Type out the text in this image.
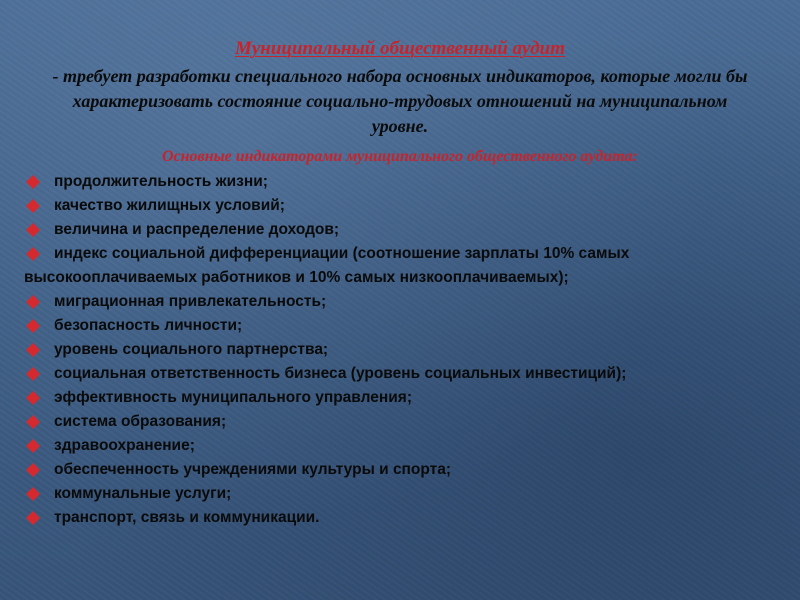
Муниципальный общественный аудит
- требует разработки специального набора основных индикаторов, которые могли бы характеризовать состояние социально-трудовых отношений на муниципальном уровне.
Основные индикаторами муниципального общественного аудита:
продолжительность жизни;
качество жилищных условий;
величина и распределение доходов;
индекс социальной дифференциации (соотношение зарплаты 10% самых высокооплачиваемых работников и 10% самых низкооплачиваемых);
миграционная привлекательность;
безопасность личности;
уровень социального партнерства;
социальная ответственность бизнеса (уровень социальных инвестиций);
эффективность муниципального управления;
система образования;
здравоохранение;
обеспеченность учреждениями культуры и спорта;
коммунальные услуги;
транспорт, связь и коммуникации.
